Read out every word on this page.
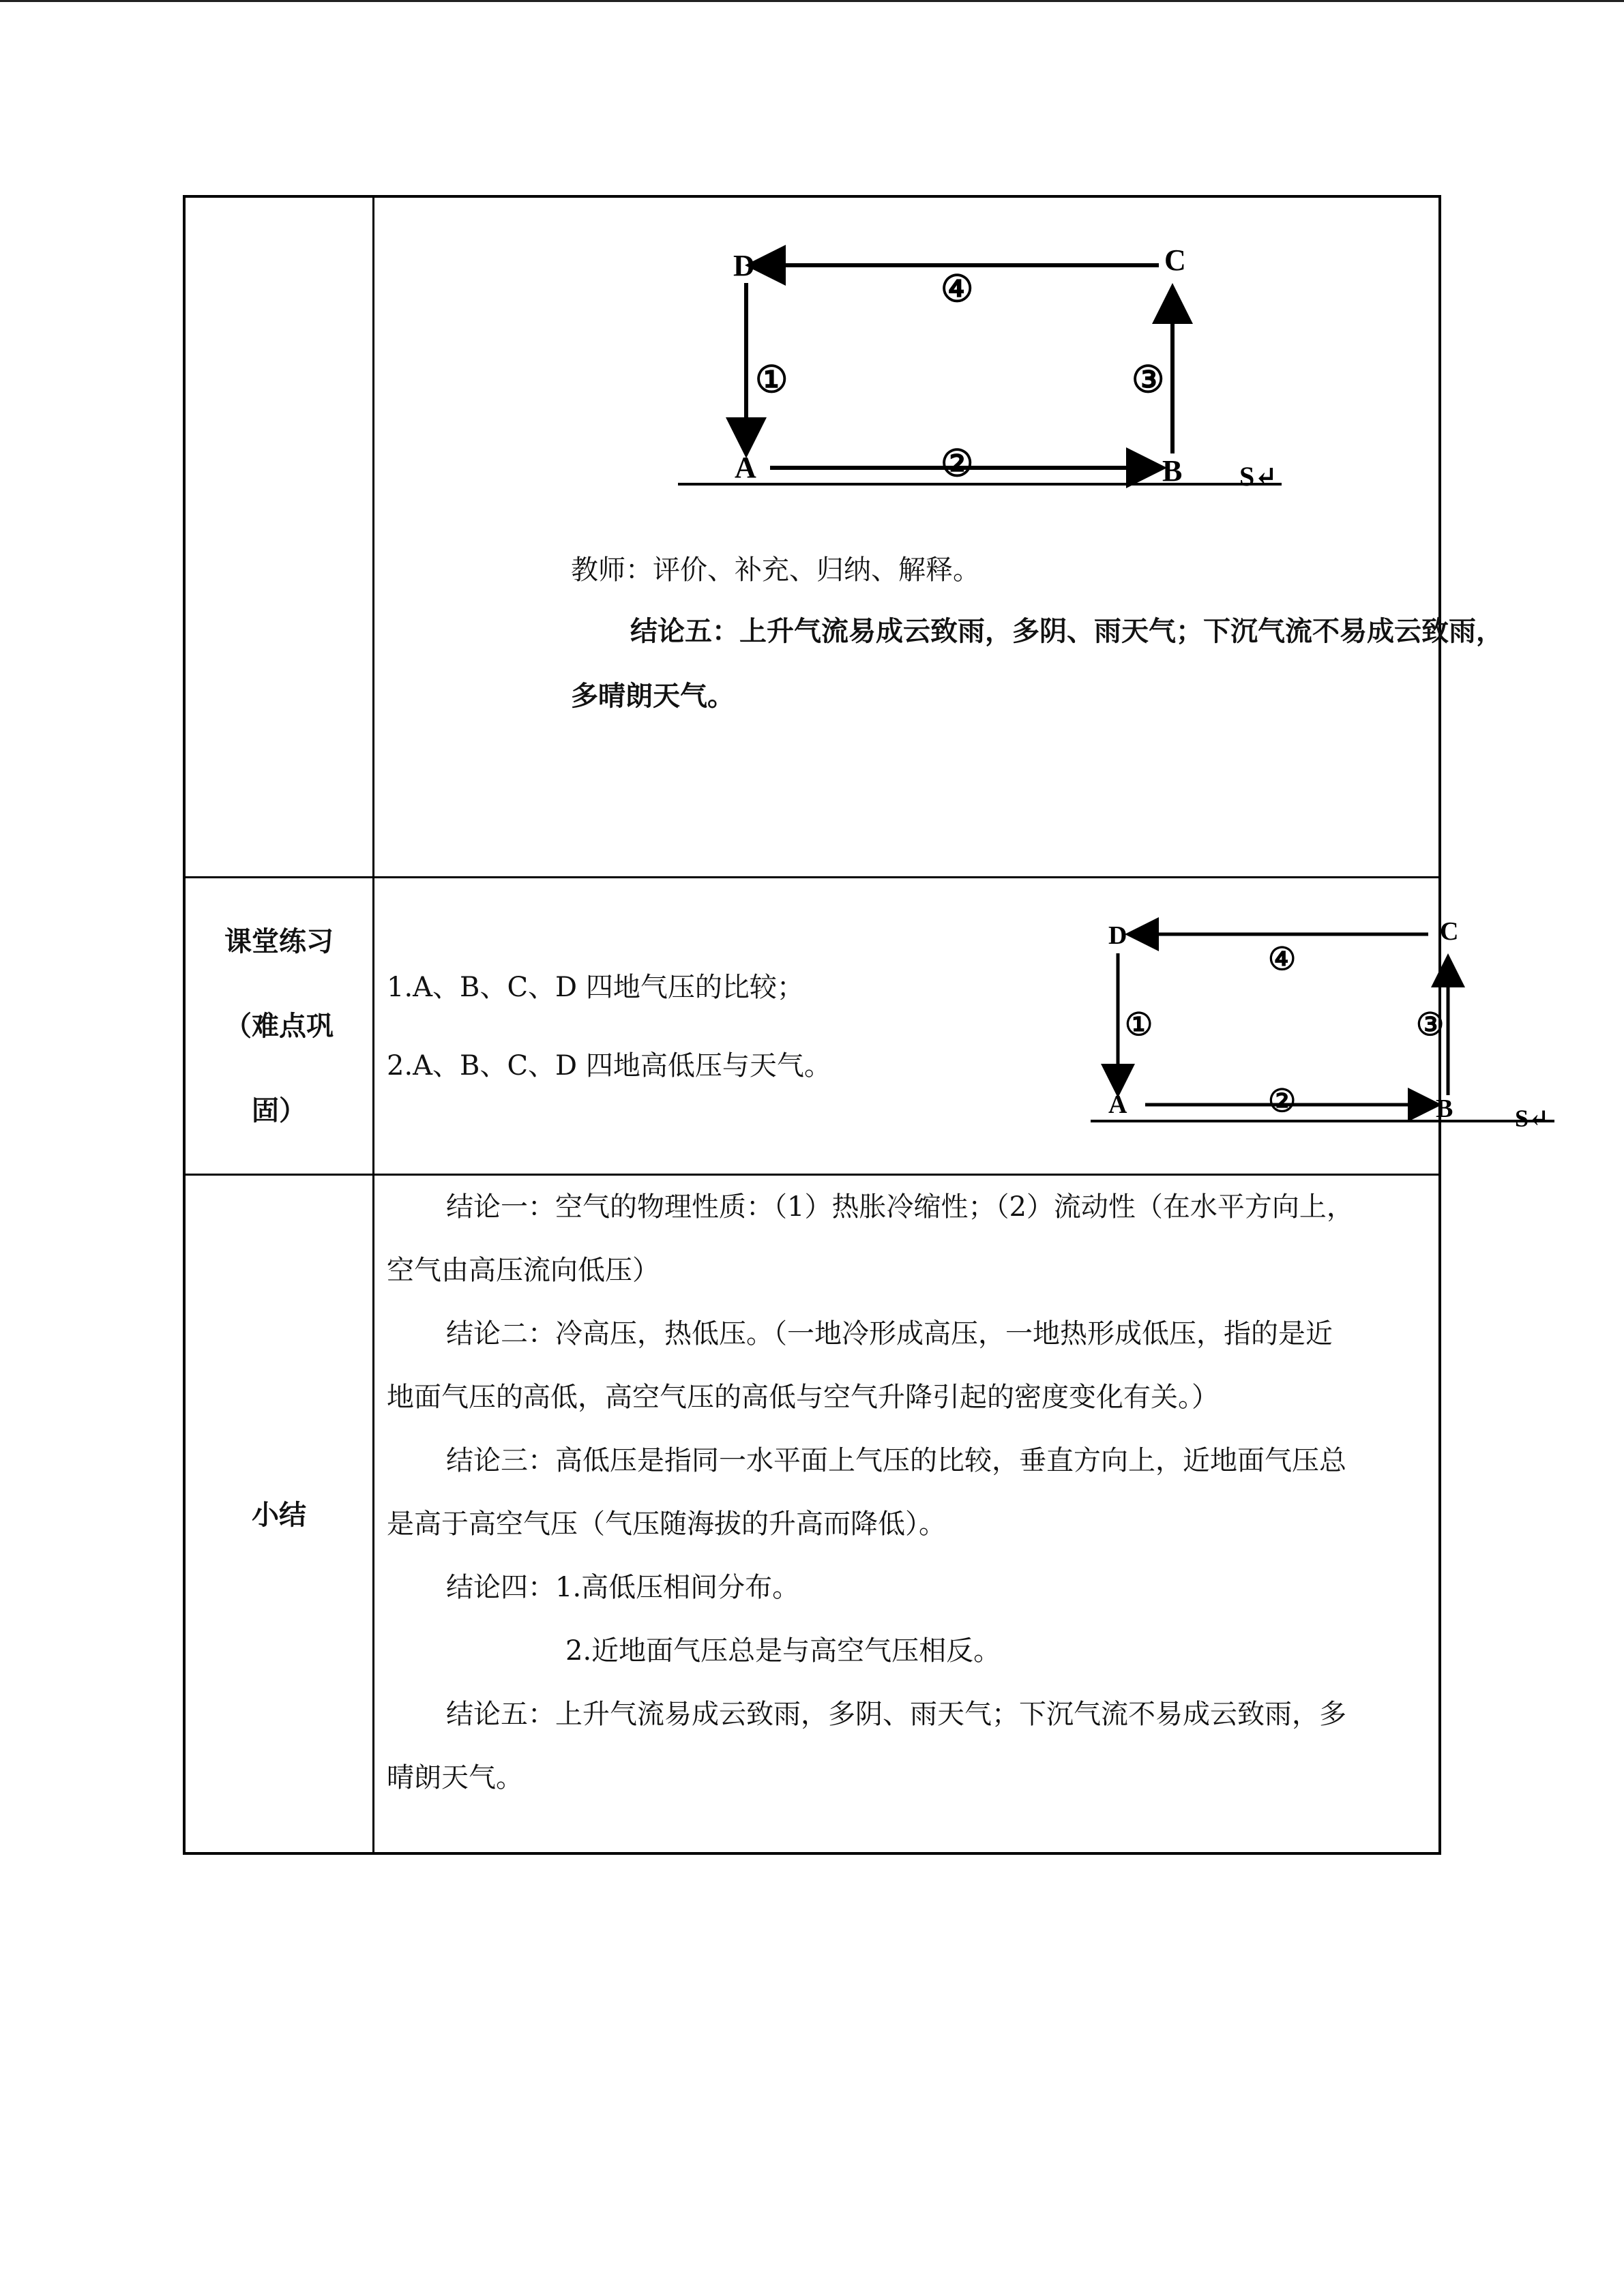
D	C
A	B S↵
④
①	③
②
教师：评价、补充、归纳、解释。
结论五：上升气流易成云致雨，多阴、雨天气；下沉气流不易成云致雨，
多晴朗天气。
课堂练习
（难点巩
固）
1.A、B、C、D 四地气压的比较；
2.A、B、C、D 四地高低压与天气。
D	C
A	B	S↵
④
①	③
②
小结
结论一：空气的物理性质：（1）热胀冷缩性；（2）流动性（在水平方向上，
空气由高压流向低压）
结论二：冷高压，热低压。（一地冷形成高压，一地热形成低压，指的是近
地面气压的高低，高空气压的高低与空气升降引起的密度变化有关。）
结论三：高低压是指同一水平面上气压的比较，垂直方向上，近地面气压总
是高于高空气压（气压随海拔的升高而降低）。
结论四：1.高低压相间分布。
2.近地面气压总是与高空气压相反。
结论五：上升气流易成云致雨，多阴、雨天气；下沉气流不易成云致雨，多
晴朗天气。
